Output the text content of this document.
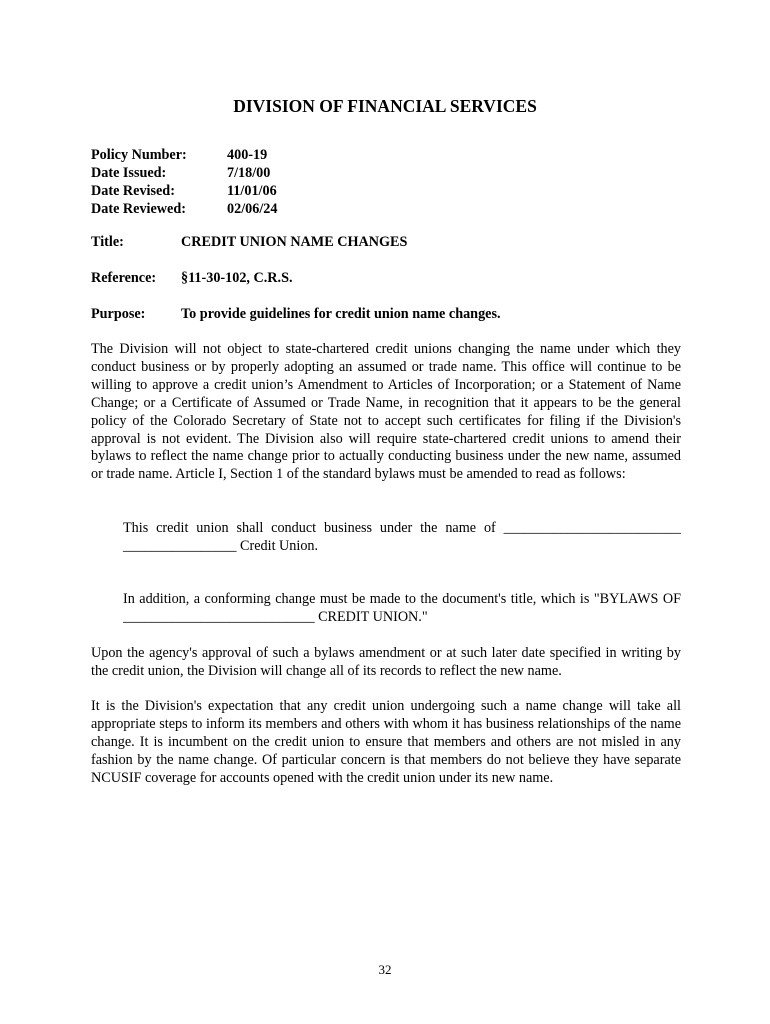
DIVISION OF FINANCIAL SERVICES
Policy Number:	400-19
Date Issued:	7/18/00
Date Revised:	11/01/06
Date Reviewed:	02/06/24
Title:	CREDIT UNION NAME CHANGES
Reference:	§11-30-102, C.R.S.
Purpose:	To provide guidelines for credit union name changes.

The Division will not object to state-chartered credit unions changing the name under which they conduct business or by properly adopting an assumed or trade name. This office will continue to be willing to approve a credit union’s Amendment to Articles of Incorporation; or a Statement of Name Change; or a Certificate of Assumed or Trade Name, in recognition that it appears to be the general policy of the Colorado Secretary of State not to accept such certificates for filing if the Division's approval is not evident. The Division also will require state-chartered credit unions to amend their bylaws to reflect the name change prior to actually conducting business under the new name, assumed or trade name. Article I, Section 1 of the standard bylaws must be amended to read as follows:

This credit union shall conduct business under the name of _________________________ ________________ Credit Union.

In addition, a conforming change must be made to the document's title, which is "BYLAWS OF ___________________________ CREDIT UNION."

Upon the agency's approval of such a bylaws amendment or at such later date specified in writing by the credit union, the Division will change all of its records to reflect the new name.

It is the Division's expectation that any credit union undergoing such a name change will take all appropriate steps to inform its members and others with whom it has business relationships of the name change. It is incumbent on the credit union to ensure that members and others are not misled in any fashion by the name change. Of particular concern is that members do not believe they have separate NCUSIF coverage for accounts opened with the credit union under its new name.

32
